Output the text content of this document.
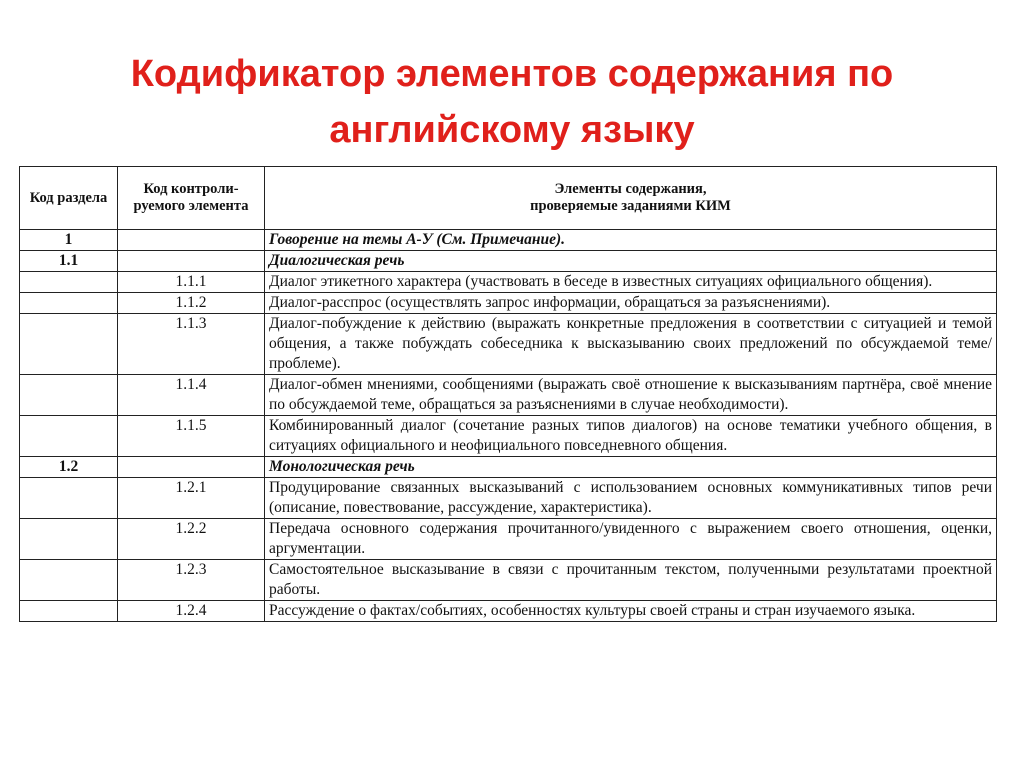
Кодификатор элементов содержания по
английскому языку
Код раздела	Код контроли-руемого элемента	Элементы содержания,
проверяемые заданиями КИМ

1		Говорение на темы А-У (См. Примечание).
1.1		Диалогическая речь
	1.1.1	Диалог этикетного характера (участвовать в беседе в известных ситуациях официального общения).
	1.1.2	Диалог-расспрос (осуществлять запрос информации, обращаться за разъяснениями).
	1.1.3	Диалог-побуждение к действию (выражать конкретные предложения в соответствии с ситуацией и темой общения, а также побуждать собеседника к высказыванию своих предложений по обсуждаемой теме/ проблеме).
	1.1.4	Диалог-обмен мнениями, сообщениями (выражать своё отношение к высказываниям партнёра, своё мнение по обсуждаемой теме, обращаться за разъяснениями в случае необходимости).
	1.1.5	Комбинированный диалог (сочетание разных типов диалогов) на основе тематики учебного общения, в ситуациях официального и неофициального повседневного общения.
1.2		Монологическая речь
	1.2.1	Продуцирование связанных высказываний с использованием основных коммуникативных типов речи (описание, повествование, рассуждение, характеристика).
	1.2.2	Передача основного содержания прочитанного/увиденного с выражением своего отношения, оценки, аргументации.
	1.2.3	Самостоятельное высказывание в связи с прочитанным текстом, полученными результатами проектной работы.
	1.2.4	Рассуждение о фактах/событиях, особенностях культуры своей страны и стран изучаемого языка.
